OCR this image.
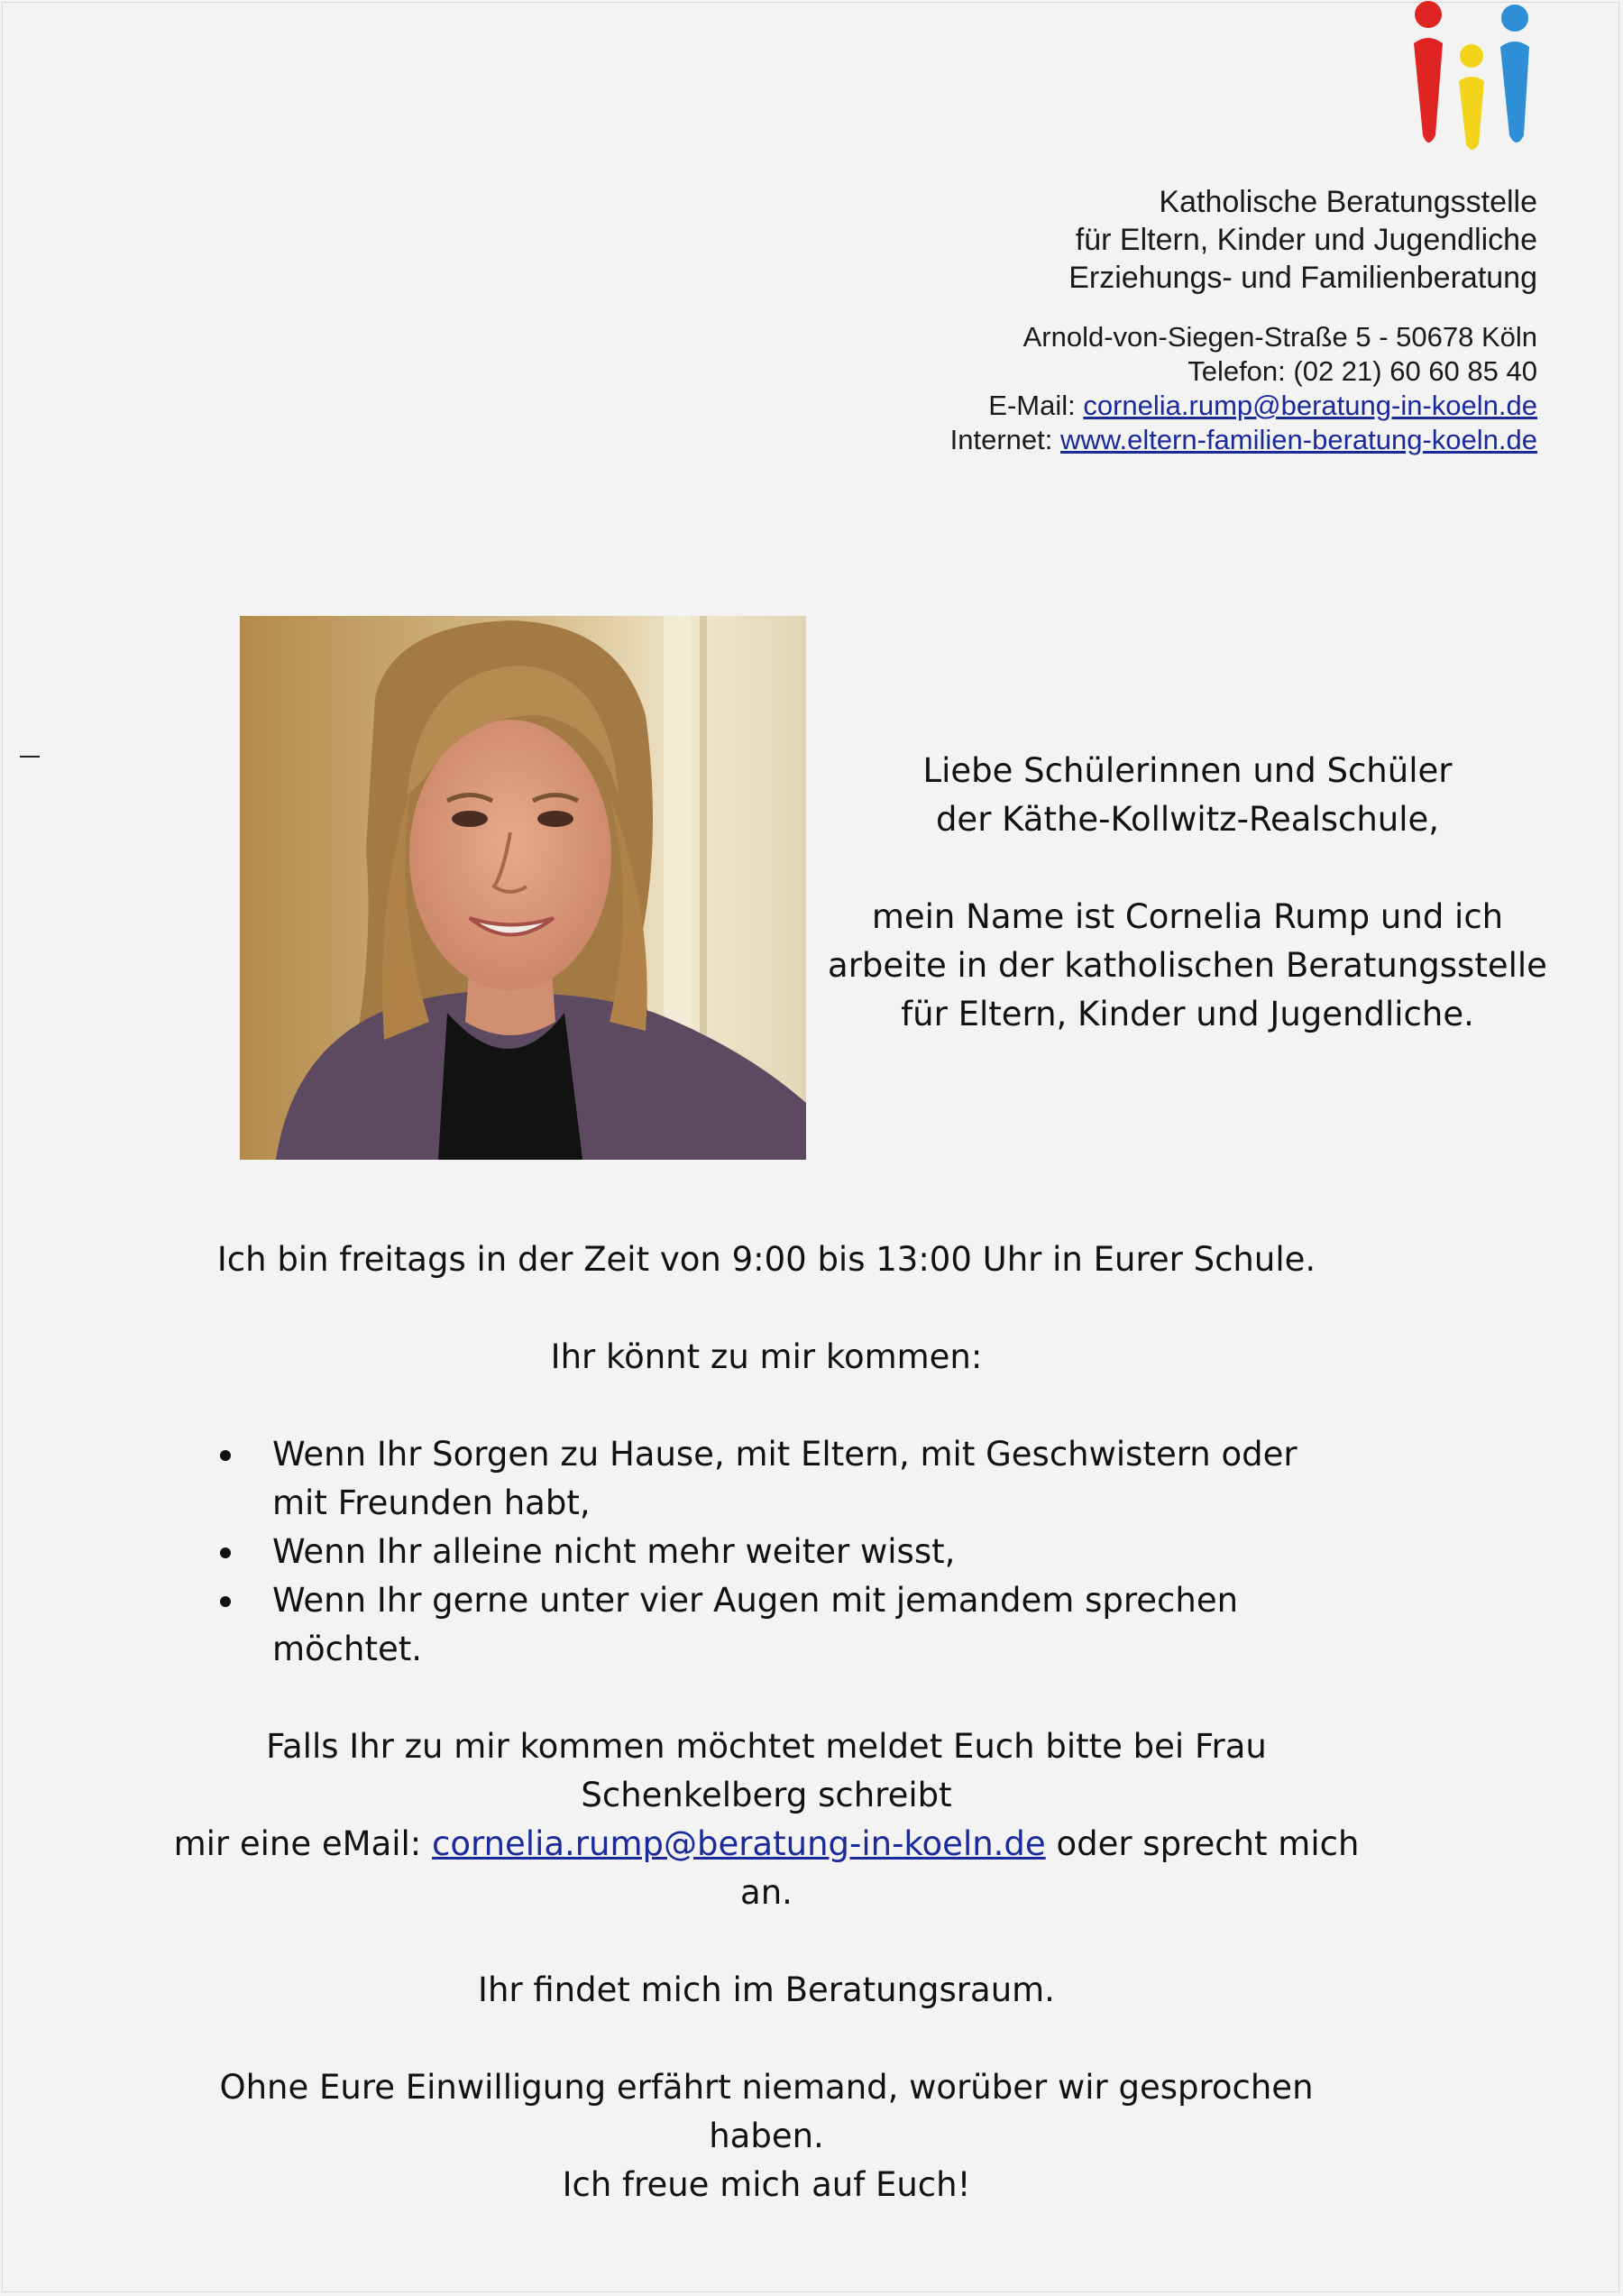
Katholische Beratungsstelle
für Eltern, Kinder und Jugendliche
Erziehungs- und Familienberatung
Arnold-von-Siegen-Straße 5 - 50678 Köln
Telefon: (02 21) 60 60 85 40
E-Mail: cornelia.rump@beratung-in-koeln.de
Internet: www.eltern-familien-beratung-koeln.de

Liebe Schülerinnen und Schüler

der Käthe-Kollwitz-Realschule,

mein Name ist Cornelia Rump und ich

arbeite in der katholischen Beratungsstelle

für Eltern, Kinder und Jugendliche.

Ich bin freitags in der Zeit von 9:00 bis 13:00 Uhr in Eurer Schule.

Ihr könnt zu mir kommen:

Wenn Ihr Sorgen zu Hause, mit Eltern, mit Geschwistern oder mit Freunden habt,
Wenn Ihr alleine nicht mehr weiter wisst,
Wenn Ihr gerne unter vier Augen mit jemandem sprechen möchtet.

Falls Ihr zu mir kommen möchtet meldet Euch bitte bei Frau Schenkelberg schreibt

mir eine eMail: cornelia.rump@beratung-in-koeln.de oder sprecht mich an.

Ihr findet mich im Beratungsraum.

Ohne Eure Einwilligung erfährt niemand, worüber wir gesprochen haben.

Ich freue mich auf Euch!
